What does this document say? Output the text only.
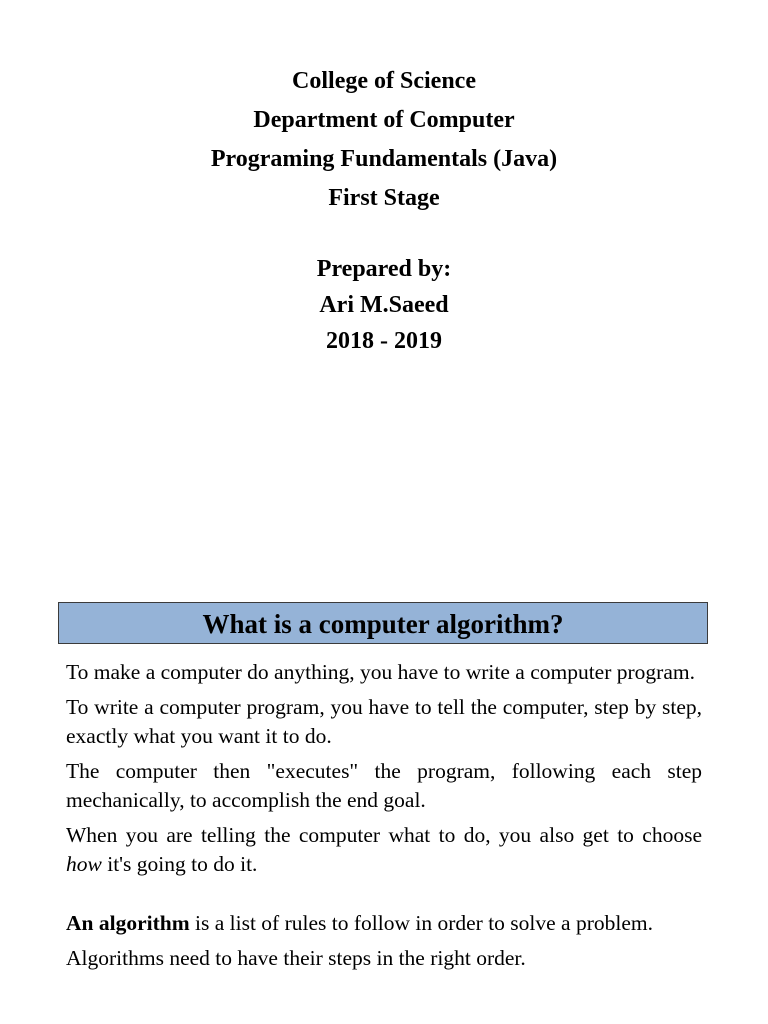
College of Science
Department of Computer
Programing Fundamentals (Java)
First Stage
Prepared by:
Ari M.Saeed
2018 - 2019
What is a computer algorithm?

To make a computer do anything, you have to write a computer program.

To write a computer program, you have to tell the computer, step by step, exactly what you want it to do.

The computer then "executes" the program, following each step mechanically, to accomplish the end goal.

When you are telling the computer what to do, you also get to choose how it's going to do it.

An algorithm is a list of rules to follow in order to solve a problem.

Algorithms need to have their steps in the right order.
